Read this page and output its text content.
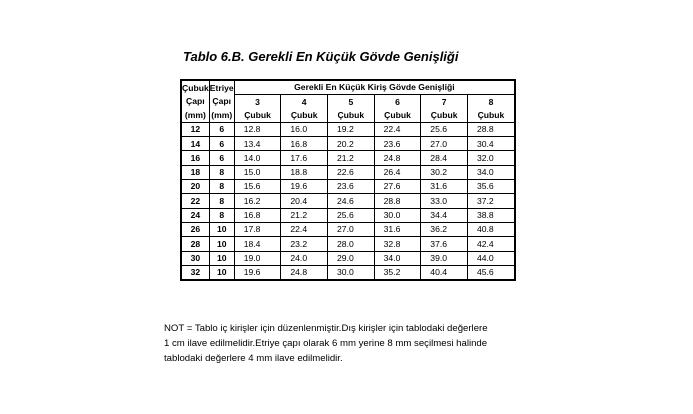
Tablo 6.B. Gerekli En Küçük Gövde Genişliği
Çubuk	Etriye	Gerekli En Küçük Kiriş Gövde Genişliği					
Çapı	Çapı	3	4	5	6	7	8
(mm)	(mm)	Çubuk	Çubuk	Çubuk	Çubuk	Çubuk	Çubuk
12	6	12.8	16.0	19.2	22.4	25.6	28.8
14	6	13.4	16.8	20.2	23.6	27.0	30.4
16	6	14.0	17.6	21.2	24.8	28.4	32.0
18	8	15.0	18.8	22.6	26.4	30.2	34.0
20	8	15.6	19.6	23.6	27.6	31.6	35.6
22	8	16.2	20.4	24.6	28.8	33.0	37.2
24	8	16.8	21.2	25.6	30.0	34.4	38.8
26	10	17.8	22.4	27.0	31.6	36.2	40.8
28	10	18.4	23.2	28.0	32.8	37.6	42.4
30	10	19.0	24.0	29.0	34.0	39.0	44.0
32	10	19.6	24.8	30.0	35.2	40.4	45.6
NOT = Tablo iç kirişler için düzenlenmiştir.Dış kirişler için tablodaki değerlere
1 cm ilave edilmelidir.Etriye çapı olarak 6 mm yerine 8 mm seçilmesi halinde
tablodaki değerlere 4 mm ilave edilmelidir.
